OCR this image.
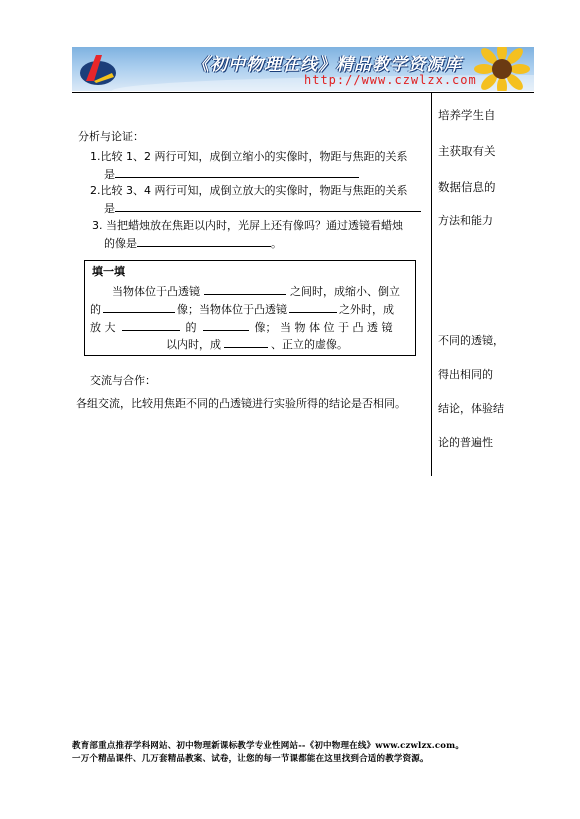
《初中物理在线》精品教学资源库
http://www.czwlzx.com
培养学生自
主获取有关
数据信息的
方法和能力
不同的透镜，
得出相同的
结论，体验结
论的普遍性
分析与论证：
1.比较 1、2 两行可知，成倒立缩小的实像时，物距与焦距的关系
是
2.比较 3、4 两行可知，成倒立放大的实像时，物距与焦距的关系
是
3. 当把蜡烛放在焦距以内时，光屏上还有像吗？通过透镜看蜡烛
的像是	。
填一填
当物体位于凸透镜	之间时，成缩小、倒立
的	像；当物体位于凸透镜	之外时，成
放 大	的	像； 当 物 体 位 于 凸 透 镜
以内时，成	、正立的虚像。
交流与合作：
各组交流，比较用焦距不同的凸透镜进行实验所得的结论是否相同。
教育部重点推荐学科网站、初中物理新课标教学专业性网站--《初中物理在线》www.czwlzx.com。
一万个精品课件、几万套精品教案、试卷，让您的每一节课都能在这里找到合适的教学资源。
